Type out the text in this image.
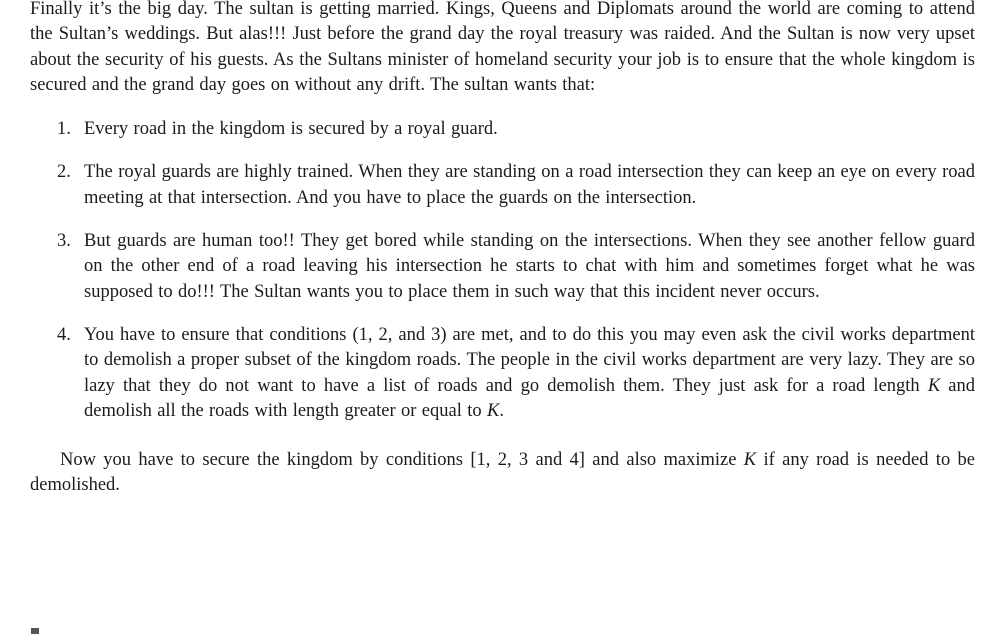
Finally it’s the big day. The sultan is getting married. Kings, Queens and Diplomats around the world are coming to attend the Sultan’s weddings. But alas!!! Just before the grand day the royal treasury was raided. And the Sultan is now very upset about the security of his guests. As the Sultans minister of homeland security your job is to ensure that the whole kingdom is secured and the grand day goes on without any drift. The sultan wants that:

1. Every road in the kingdom is secured by a royal guard.
2. The royal guards are highly trained. When they are standing on a road intersection they can keep an eye on every road meeting at that intersection. And you have to place the guards on the intersection.
3. But guards are human too!! They get bored while standing on the intersections. When they see another fellow guard on the other end of a road leaving his intersection he starts to chat with him and sometimes forget what he was supposed to do!!! The Sultan wants you to place them in such way that this incident never occurs.
4. You have to ensure that conditions (1, 2, and 3) are met, and to do this you may even ask the civil works department to demolish a proper subset of the kingdom roads. The people in the civil works department are very lazy. They are so lazy that they do not want to have a list of roads and go demolish them. They just ask for a road length K and demolish all the roads with length greater or equal to K.

Now you have to secure the kingdom by conditions [1, 2, 3 and 4] and also maximize K if any road is needed to be demolished.
